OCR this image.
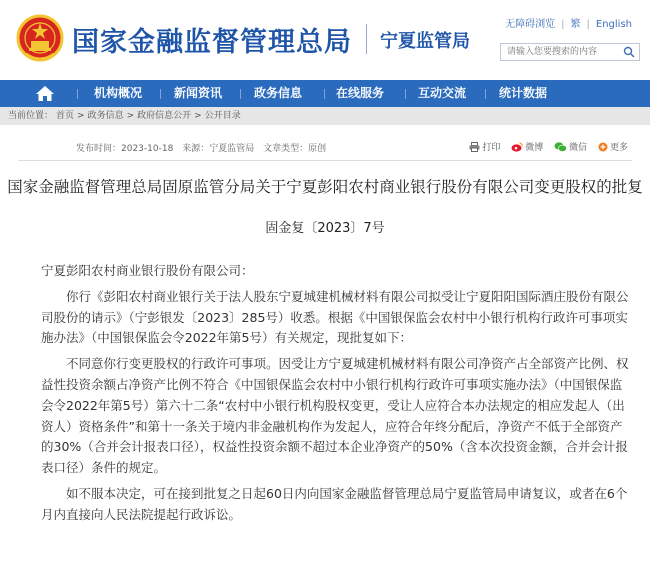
国家金融监督管理总局 宁夏监管局
无障碍浏览 | 繁 | English
请输入您要搜索的内容
机构概况	新闻资讯	政务信息	在线服务	互动交流	统计数据
当前位置： 首页 > 政务信息 > 政府信息公开 > 公开目录
发布时间：2023-10-18 来源：宁夏监管局 文章类型：原创	打印	微博	微信	更多
国家金融监督管理总局固原监管分局关于宁夏彭阳农村商业银行股份有限公司变更股权的批复
固金复〔2023〕7号

宁夏彭阳农村商业银行股份有限公司：

你行《彭阳农村商业银行关于法人股东宁夏城建机械材料有限公司拟受让宁夏阳阳国际酒庄股份有限公司股份的请示》（宁彭银发〔2023〕285号）收悉。根据《中国银保监会农村中小银行机构行政许可事项实施办法》（中国银保监会令2022年第5号）有关规定，现批复如下：

不同意你行变更股权的行政许可事项。因受让方宁夏城建机械材料有限公司净资产占全部资产比例、权益性投资余额占净资产比例不符合《中国银保监会农村中小银行机构行政许可事项实施办法》（中国银保监会令2022年第5号）第六十二条“农村中小银行机构股权变更，受让人应符合本办法规定的相应发起人（出资人）资格条件”和第十一条关于境内非金融机构作为发起人，应符合年终分配后，净资产不低于全部资产的30%（合并会计报表口径），权益性投资余额不超过本企业净资产的50%（含本次投资金额，合并会计报表口径）条件的规定。

如不服本决定，可在接到批复之日起60日内向国家金融监督管理总局宁夏监管局申请复议，或者在6个月内直接向人民法院提起行政诉讼。
